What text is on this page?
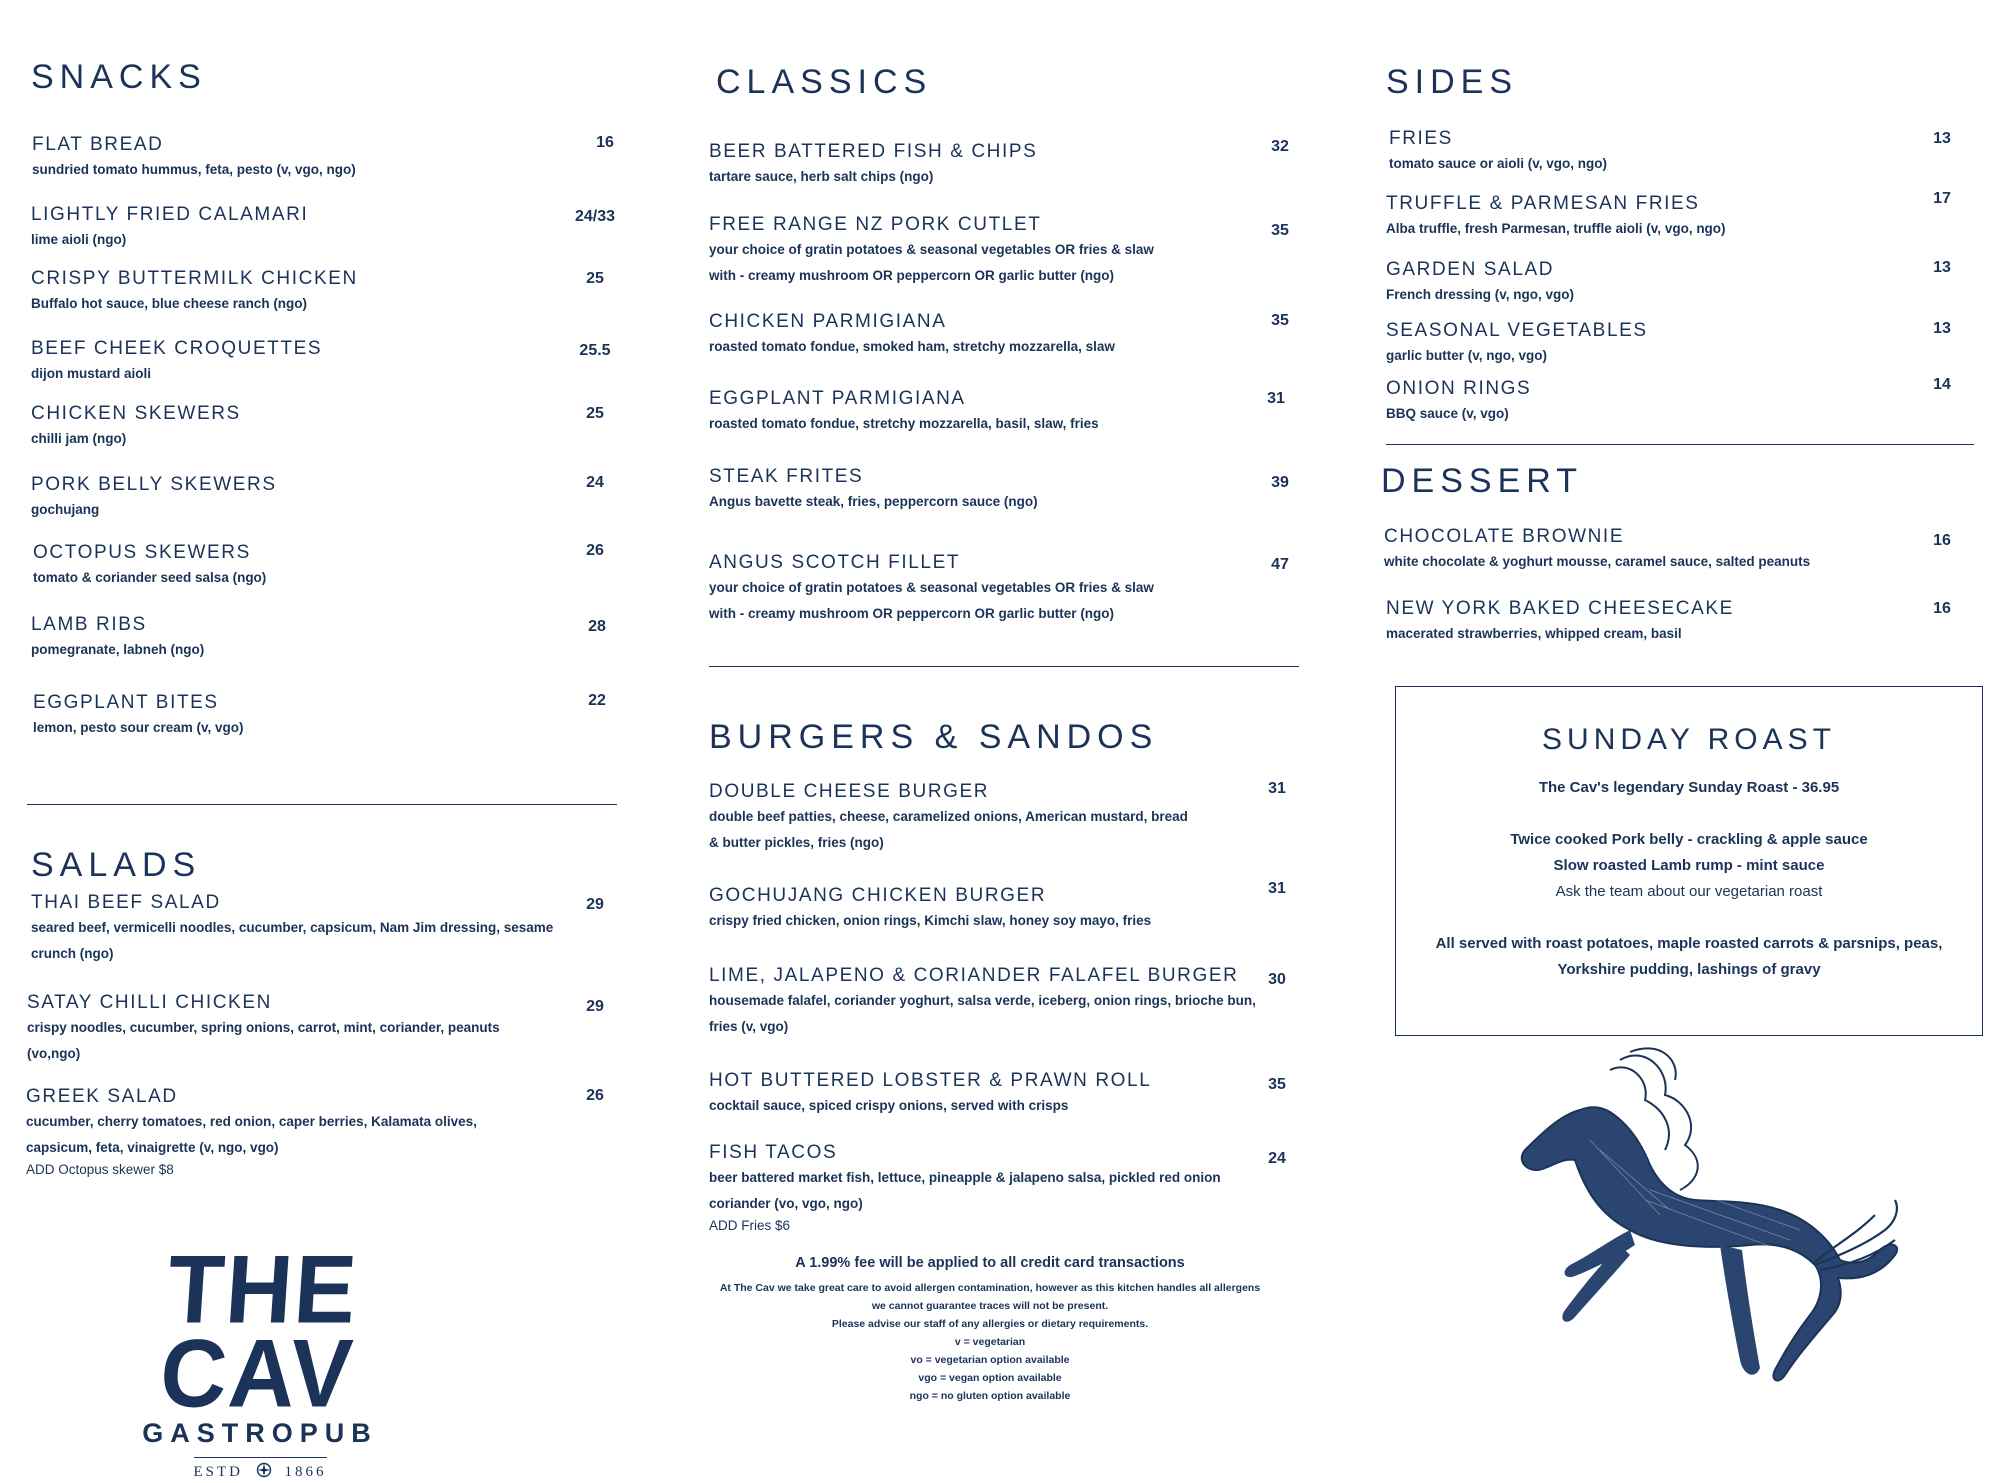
SNACKS
FLAT BREAD
sundried tomato hummus, feta, pesto (v, vgo, ngo)
16
LIGHTLY FRIED CALAMARI
lime aioli (ngo)
24/33
CRISPY BUTTERMILK CHICKEN
Buffalo hot sauce, blue cheese ranch (ngo)
25
BEEF CHEEK CROQUETTES
dijon mustard aioli
25.5
CHICKEN SKEWERS
chilli jam (ngo)
25
PORK BELLY SKEWERS
gochujang
24
OCTOPUS SKEWERS
tomato & coriander seed salsa (ngo)
26
LAMB RIBS
pomegranate, labneh (ngo)
28
EGGPLANT BITES
lemon, pesto sour cream (v, vgo)
22
SALADS
THAI BEEF SALAD
seared beef, vermicelli noodles, cucumber, capsicum, Nam Jim dressing, sesame
crunch (ngo)
29
SATAY CHILLI CHICKEN
crispy noodles, cucumber, spring onions, carrot, mint, coriander, peanuts
(vo,ngo)
29
GREEK SALAD
cucumber, cherry tomatoes, red onion, caper berries, Kalamata olives,
capsicum, feta, vinaigrette (v, ngo, vgo)
ADD Octopus skewer $8
26
THE CAV
GASTROPUB
ESTD	1866
CLASSICS
BEER BATTERED FISH & CHIPS
tartare sauce, herb salt chips (ngo)
32
FREE RANGE NZ PORK CUTLET
your choice of gratin potatoes & seasonal vegetables OR fries & slaw
with - creamy mushroom OR peppercorn OR garlic butter (ngo)
35
CHICKEN PARMIGIANA
roasted tomato fondue, smoked ham, stretchy mozzarella, slaw
35
EGGPLANT PARMIGIANA
roasted tomato fondue, stretchy mozzarella, basil, slaw, fries
31
STEAK FRITES
Angus bavette steak, fries, peppercorn sauce (ngo)
39
ANGUS SCOTCH FILLET
your choice of gratin potatoes & seasonal vegetables OR fries & slaw
with - creamy mushroom OR peppercorn OR garlic butter (ngo)
47
BURGERS & SANDOS
DOUBLE CHEESE BURGER
double beef patties, cheese, caramelized onions, American mustard, bread
& butter pickles, fries (ngo)
31
GOCHUJANG CHICKEN BURGER
crispy fried chicken, onion rings, Kimchi slaw, honey soy mayo, fries
31
LIME, JALAPENO & CORIANDER FALAFEL BURGER
housemade falafel, coriander yoghurt, salsa verde, iceberg, onion rings, brioche bun,
fries (v, vgo)
30
HOT BUTTERED LOBSTER & PRAWN ROLL
cocktail sauce, spiced crispy onions, served with crisps
35
FISH TACOS
beer battered market fish, lettuce, pineapple & jalapeno salsa, pickled red onion
coriander (vo, vgo, ngo)
ADD Fries $6
24
A 1.99% fee will be applied to all credit card transactions
At The Cav we take great care to avoid allergen contamination, however as this kitchen handles all allergens
we cannot guarantee traces will not be present.
Please advise our staff of any allergies or dietary requirements.
v = vegetarian
vo = vegetarian option available
vgo = vegan option available
ngo = no gluten option available
SIDES
FRIES
tomato sauce or aioli (v, vgo, ngo)
13
TRUFFLE & PARMESAN FRIES
Alba truffle, fresh Parmesan, truffle aioli (v, vgo, ngo)
17
GARDEN SALAD
French dressing (v, ngo, vgo)
13
SEASONAL VEGETABLES
garlic butter (v, ngo, vgo)
13
ONION RINGS
BBQ sauce (v, vgo)
14
DESSERT
CHOCOLATE BROWNIE
white chocolate & yoghurt mousse, caramel sauce, salted peanuts
16
NEW YORK BAKED CHEESECAKE
macerated strawberries, whipped cream, basil
16
SUNDAY ROAST
The Cav's legendary Sunday Roast - 36.95
Twice cooked Pork belly - crackling & apple sauce
Slow roasted Lamb rump - mint sauce
Ask the team about our vegetarian roast
All served with roast potatoes, maple roasted carrots & parsnips, peas,
Yorkshire pudding, lashings of gravy
